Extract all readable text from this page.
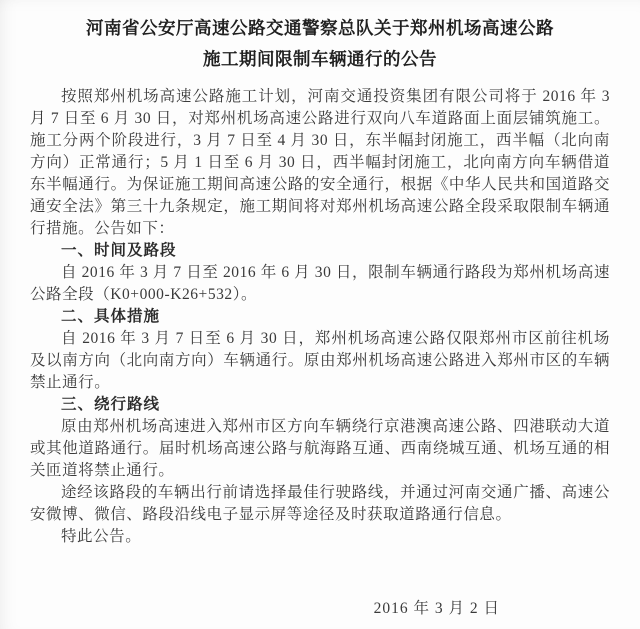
河南省公安厅高速公路交通警察总队关于郑州机场高速公路
施工期间限制车辆通行的公告

按照郑州机场高速公路施工计划，河南交通投资集团有限公司将于 2016 年 3 月 7 日至 6 月 30 日，对郑州机场高速公路进行双向八车道路面上面层铺筑施工。施工分两个阶段进行，3 月 7 日至 4 月 30 日，东半幅封闭施工，西半幅（北向南方向）正常通行；5 月 1 日至 6 月 30 日，西半幅封闭施工，北向南方向车辆借道东半幅通行。为保证施工期间高速公路的安全通行，根据《中华人民共和国道路交通安全法》第三十九条规定，施工期间将对郑州机场高速公路全段采取限制车辆通行措施。公告如下：

一、时间及路段

自 2016 年 3 月 7 日至 2016 年 6 月 30 日，限制车辆通行路段为郑州机场高速公路全段（K0+000-K26+532）。

二、具体措施

自 2016 年 3 月 7 日至 6 月 30 日，郑州机场高速公路仅限郑州市区前往机场及以南方向（北向南方向）车辆通行。原由郑州机场高速公路进入郑州市区的车辆禁止通行。

三、绕行路线

原由郑州机场高速进入郑州市区方向车辆绕行京港澳高速公路、四港联动大道或其他道路通行。届时机场高速公路与航海路互通、西南绕城互通、机场互通的相关匝道将禁止通行。

途经该路段的车辆出行前请选择最佳行驶路线，并通过河南交通广播、高速公安微博、微信、路段沿线电子显示屏等途径及时获取道路通行信息。

特此公告。

2016 年 3 月 2 日
